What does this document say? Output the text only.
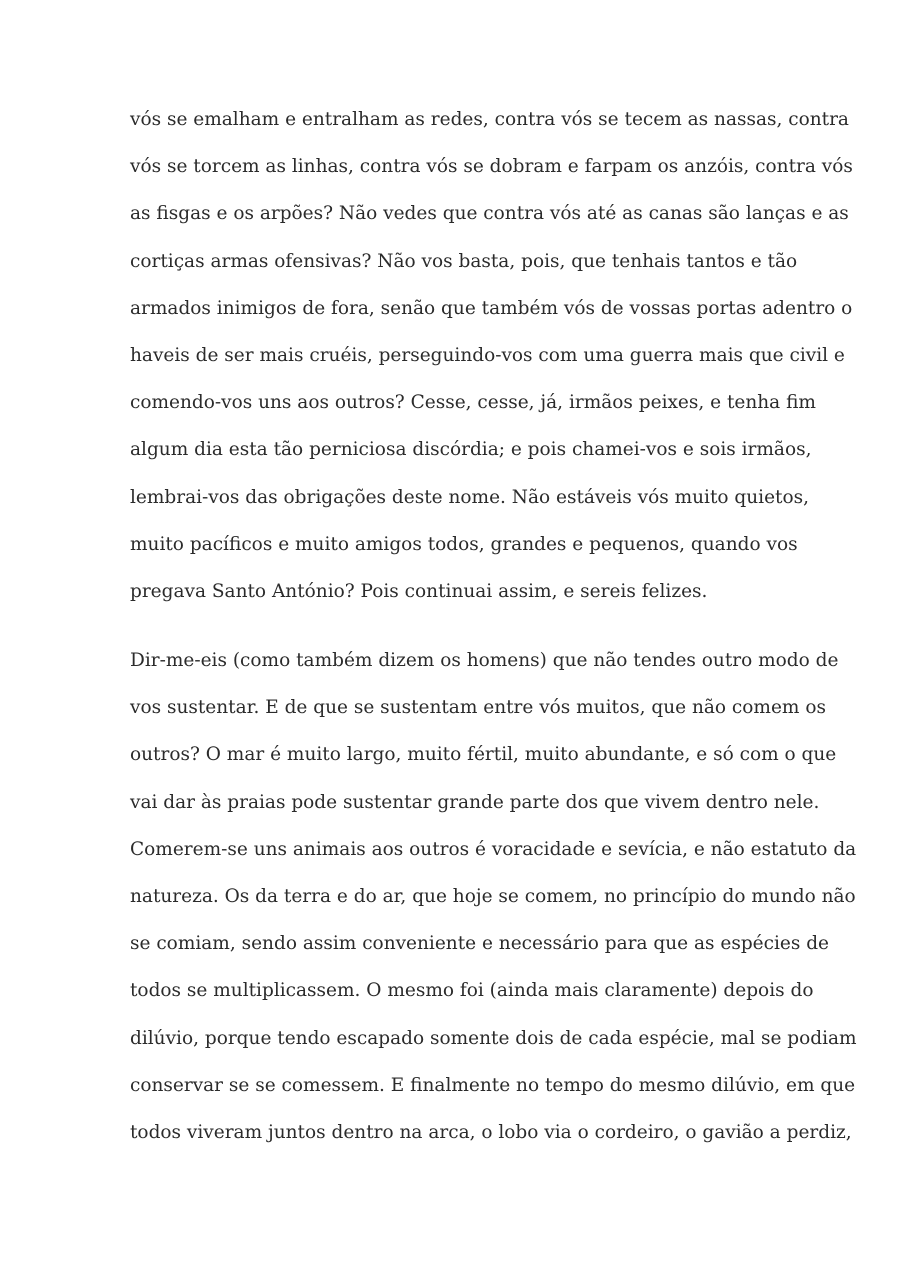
vós se emalham e entralham as redes, contra vós se tecem as nassas, contra
vós se torcem as linhas, contra vós se dobram e farpam os anzóis, contra vós
as fisgas e os arpões? Não vedes que contra vós até as canas são lanças e as
cortiças armas ofensivas? Não vos basta, pois, que tenhais tantos e tão
armados inimigos de fora, senão que também vós de vossas portas adentro o
haveis de ser mais cruéis, perseguindo-vos com uma guerra mais que civil e
comendo-vos uns aos outros? Cesse, cesse, já, irmãos peixes, e tenha fim
algum dia esta tão perniciosa discórdia; e pois chamei-vos e sois irmãos,
lembrai-vos das obrigações deste nome. Não estáveis vós muito quietos,
muito pacíficos e muito amigos todos, grandes e pequenos, quando vos
pregava Santo António? Pois continuai assim, e sereis felizes.
Dir-me-eis (como também dizem os homens) que não tendes outro modo de
vos sustentar. E de que se sustentam entre vós muitos, que não comem os
outros? O mar é muito largo, muito fértil, muito abundante, e só com o que
vai dar às praias pode sustentar grande parte dos que vivem dentro nele.
Comerem-se uns animais aos outros é voracidade e sevícia, e não estatuto da
natureza. Os da terra e do ar, que hoje se comem, no princípio do mundo não
se comiam, sendo assim conveniente e necessário para que as espécies de
todos se multiplicassem. O mesmo foi (ainda mais claramente) depois do
dilúvio, porque tendo escapado somente dois de cada espécie, mal se podiam
conservar se se comessem. E finalmente no tempo do mesmo dilúvio, em que
todos viveram juntos dentro na arca, o lobo via o cordeiro, o gavião a perdiz,
